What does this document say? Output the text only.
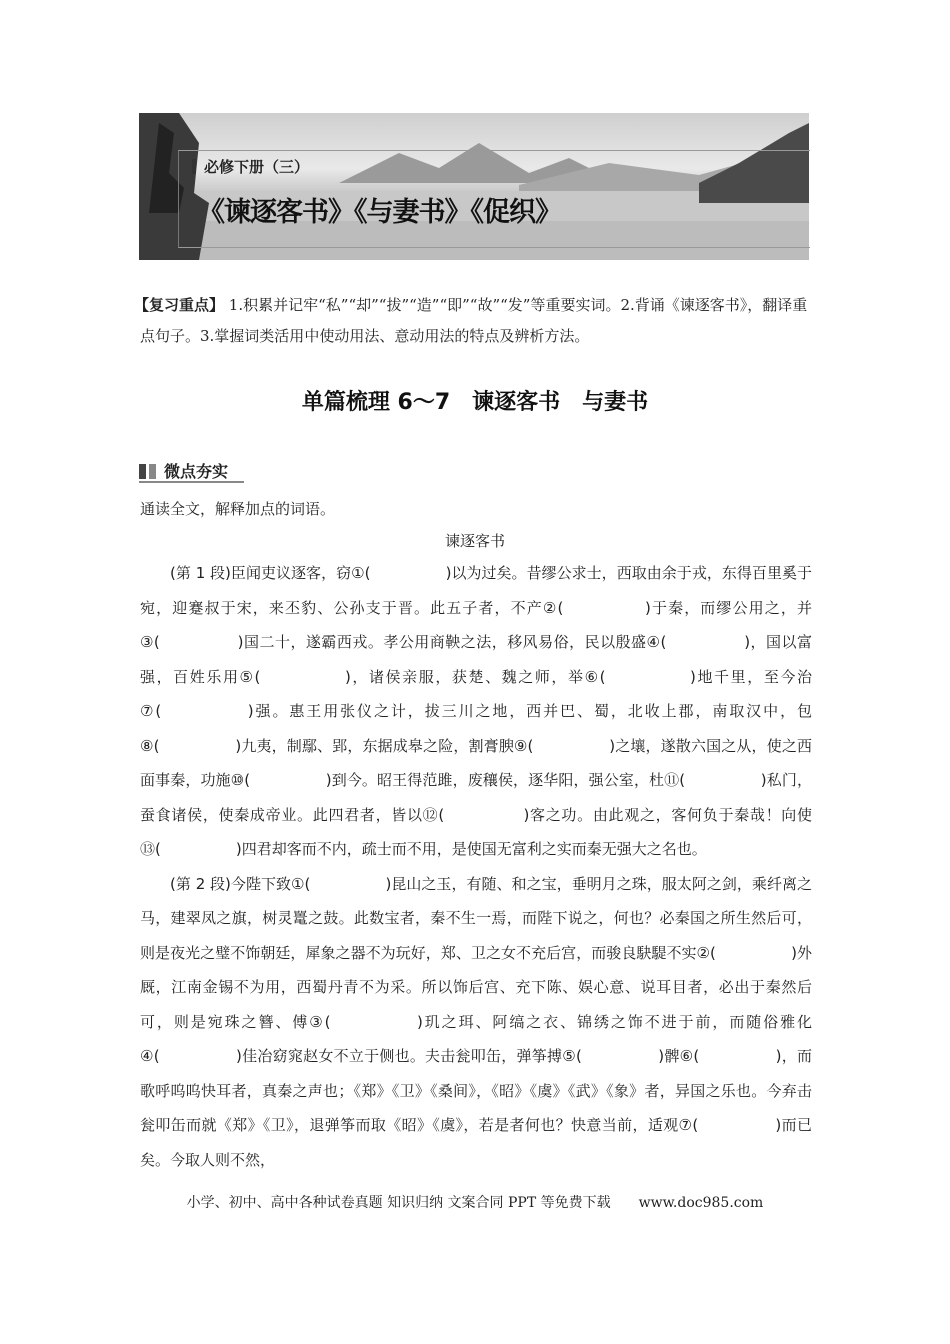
必修下册（三）
《谏逐客书》《与妻书》《促织》
【复习重点】 1.积累并记牢“私”“却”“拔”“造”“即”“故”“发”等重要实词。2.背诵《谏逐客书》，翻译重点句子。3.掌握词类活用中使动用法、意动用法的特点及辨析方法。
单篇梳理 6～7　谏逐客书　与妻书
微点夯实
通读全文，解释加点的词语。
谏逐客书

(第 1 段)臣闻吏议逐客，窃①(　　　　　)以为过矣。昔缪公求士，西取由余于戎，东得百里奚于宛，迎蹇叔于宋，来丕豹、公孙支于晋。此五子者，不产②(　　　　　)于秦，而缪公用之，并③(　　　　　)国二十，遂霸西戎。孝公用商鞅之法，移风易俗，民以殷盛④(　　　　　)，国以富强，百姓乐用⑤(　　　　　)，诸侯亲服，获楚、魏之师，举⑥(　　　　　)地千里，至今治⑦(　　　　　)强。惠王用张仪之计，拔三川之地，西并巴、蜀，北收上郡，南取汉中，包⑧(　　　　　)九夷，制鄢、郢，东据成皋之险，割膏腴⑨(　　　　　)之壤，遂散六国之从，使之西面事秦，功施⑩(　　　　　)到今。昭王得范雎，废穰侯，逐华阳，强公室，杜⑪(　　　　　)私门，蚕食诸侯，使秦成帝业。此四君者，皆以⑫(　　　　　)客之功。由此观之，客何负于秦哉！向使⑬(　　　　　)四君却客而不内，疏士而不用，是使国无富利之实而秦无强大之名也。

(第 2 段)今陛下致①(　　　　　)昆山之玉，有随、和之宝，垂明月之珠，服太阿之剑，乘纤离之马，建翠凤之旗，树灵鼍之鼓。此数宝者，秦不生一焉，而陛下说之，何也？必秦国之所生然后可，则是夜光之璧不饰朝廷，犀象之器不为玩好，郑、卫之女不充后宫，而骏良駃騠不实②(　　　　　)外厩，江南金锡不为用，西蜀丹青不为采。所以饰后宫、充下陈、娱心意、说耳目者，必出于秦然后可，则是宛珠之簪、傅③(　　　　　)玑之珥、阿缟之衣、锦绣之饰不进于前，而随俗雅化④(　　　　　)佳冶窈窕赵女不立于侧也。夫击瓮叩缶，弹筝搏⑤(　　　　　)髀⑥(　　　　　)，而歌呼呜呜快耳者，真秦之声也；《郑》《卫》《桑间》，《昭》《虞》《武》《象》者，异国之乐也。今弃击瓮叩缶而就《郑》《卫》，退弹筝而取《昭》《虞》，若是者何也？快意当前，适观⑦(　　　　　)而已矣。今取人则不然，

小学、初中、高中各种试卷真题 知识归纳 文案合同 PPT 等免费下载　　www.doc985.com
